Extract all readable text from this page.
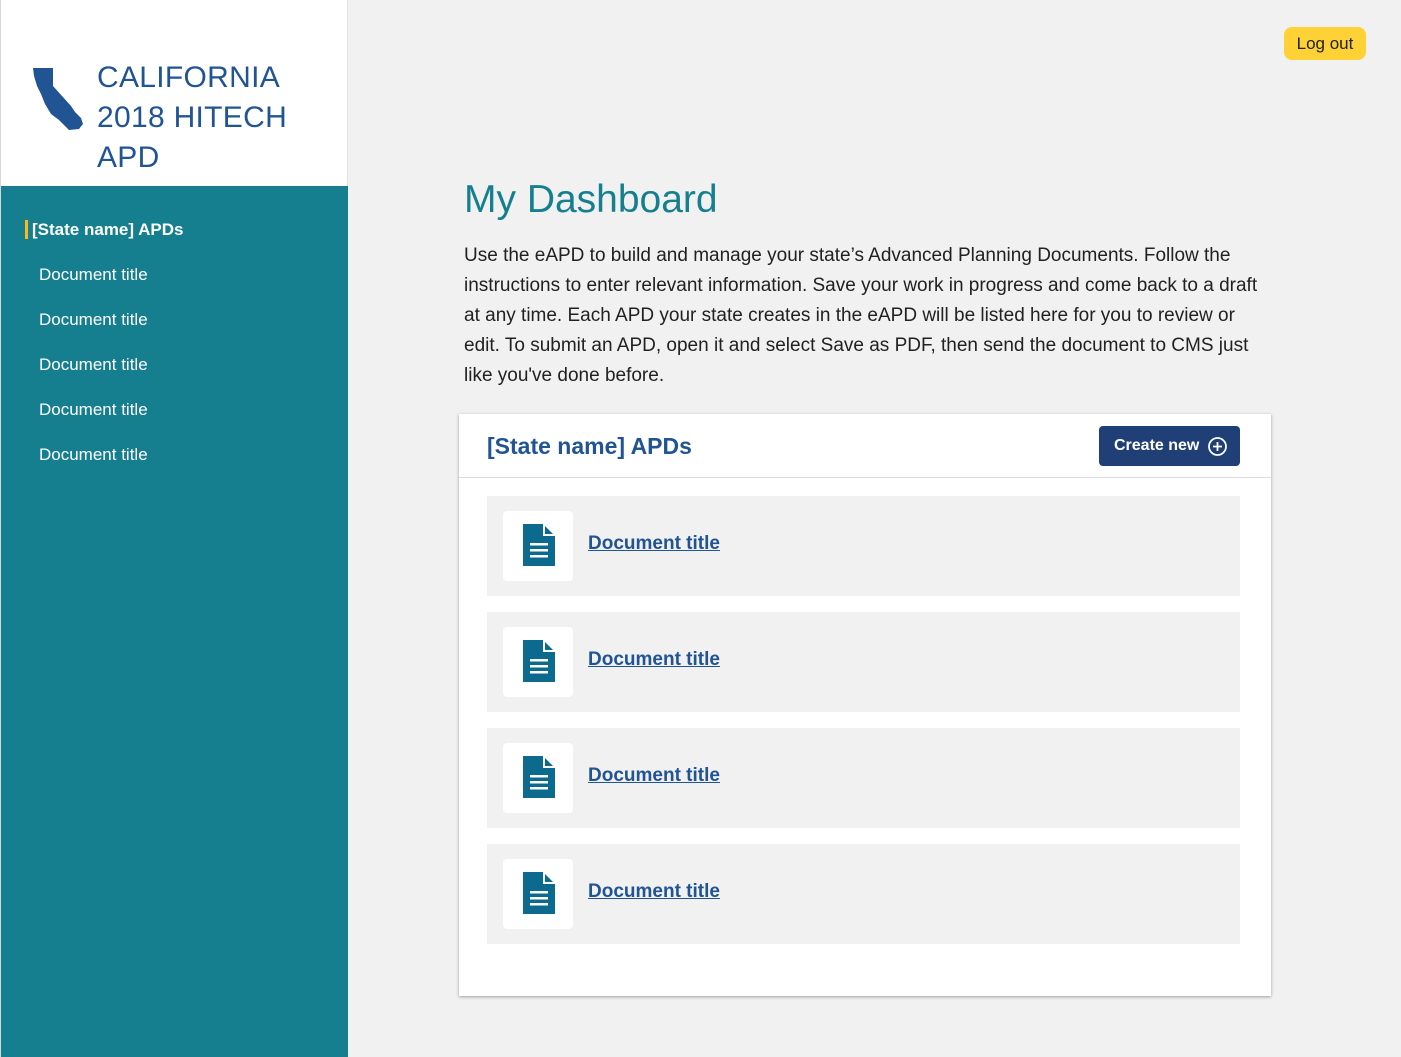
CALIFORNIA
2018 HITECH APD
[State name] APDs
Document title
Document title
Document title
Document title
Document title
Log out
My Dashboard

Use the eAPD to build and manage your state’s Advanced Planning Documents. Follow the instructions to enter relevant information. Save your work in progress and come back to a draft at any time. Each APD your state creates in the eAPD will be listed here for you to review or edit. To submit an APD, open it and select Save as PDF, then send the document to CMS just like you've done before.

[State name] APDs	Create new
Document title
Document title
Document title
Document title
